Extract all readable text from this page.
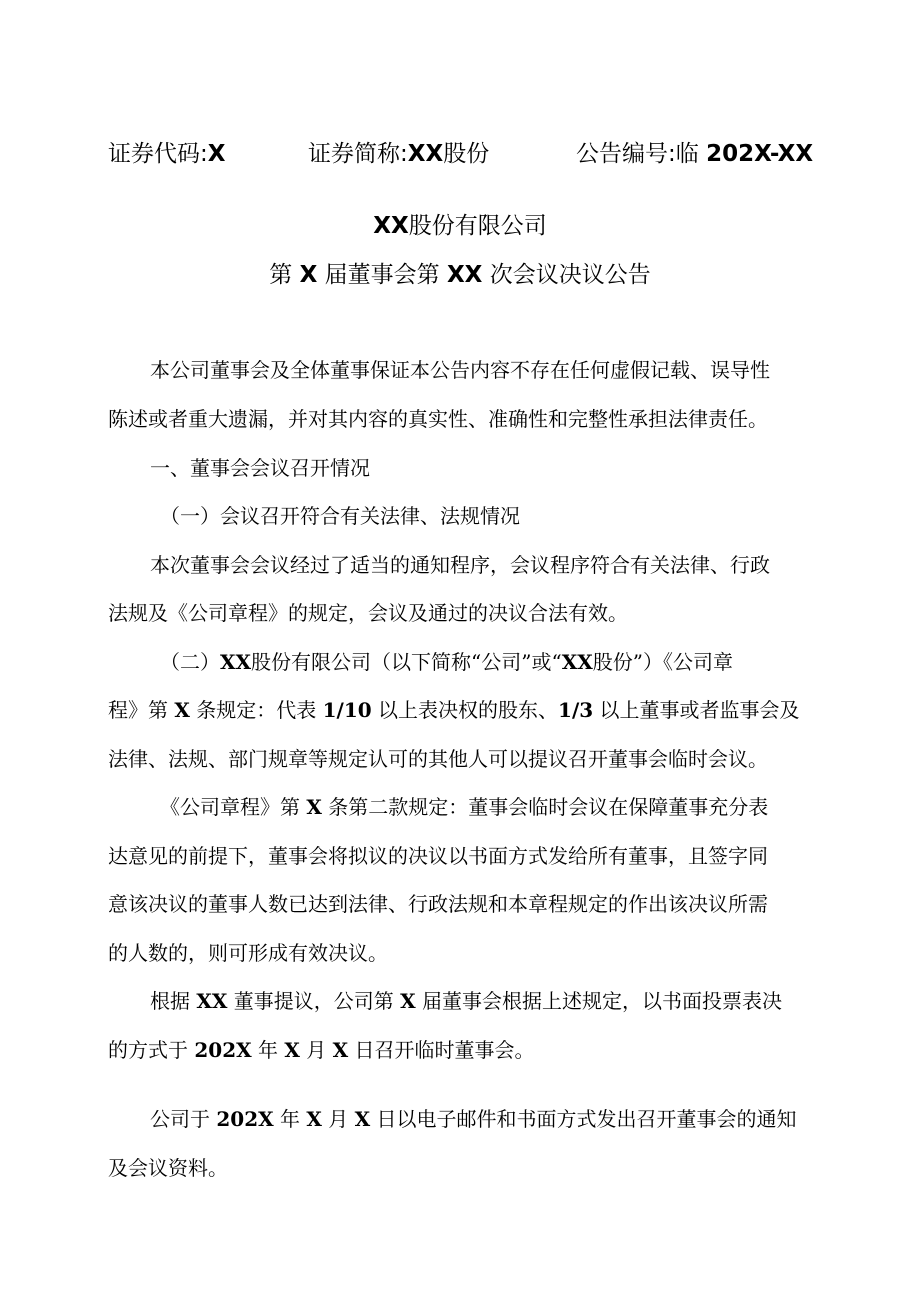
证券代码:X	证券简称:XX股份	公告编号:临 202X-XX
XX股份有限公司
第 X 届董事会第 XX 次会议决议公告
本公司董事会及全体董事保证本公告内容不存在任何虚假记载、误导性
陈述或者重大遗漏，并对其内容的真实性、准确性和完整性承担法律责任。
一、董事会会议召开情况
（一）会议召开符合有关法律、法规情况
本次董事会会议经过了适当的通知程序，会议程序符合有关法律、行政
法规及《公司章程》的规定，会议及通过的决议合法有效。
（二）XX股份有限公司（以下简称“公司”或“XX股份”）《公司章
程》第 X 条规定：代表 1/10 以上表决权的股东、1/3 以上董事或者监事会及
法律、法规、部门规章等规定认可的其他人可以提议召开董事会临时会议。
《公司章程》第 X 条第二款规定：董事会临时会议在保障董事充分表
达意见的前提下，董事会将拟议的决议以书面方式发给所有董事，且签字同
意该决议的董事人数已达到法律、行政法规和本章程规定的作出该决议所需
的人数的，则可形成有效决议。
根据 XX 董事提议，公司第 X 届董事会根据上述规定，以书面投票表决
的方式于 202X 年 X 月 X 日召开临时董事会。
公司于 202X 年 X 月 X 日以电子邮件和书面方式发出召开董事会的通知
及会议资料。
